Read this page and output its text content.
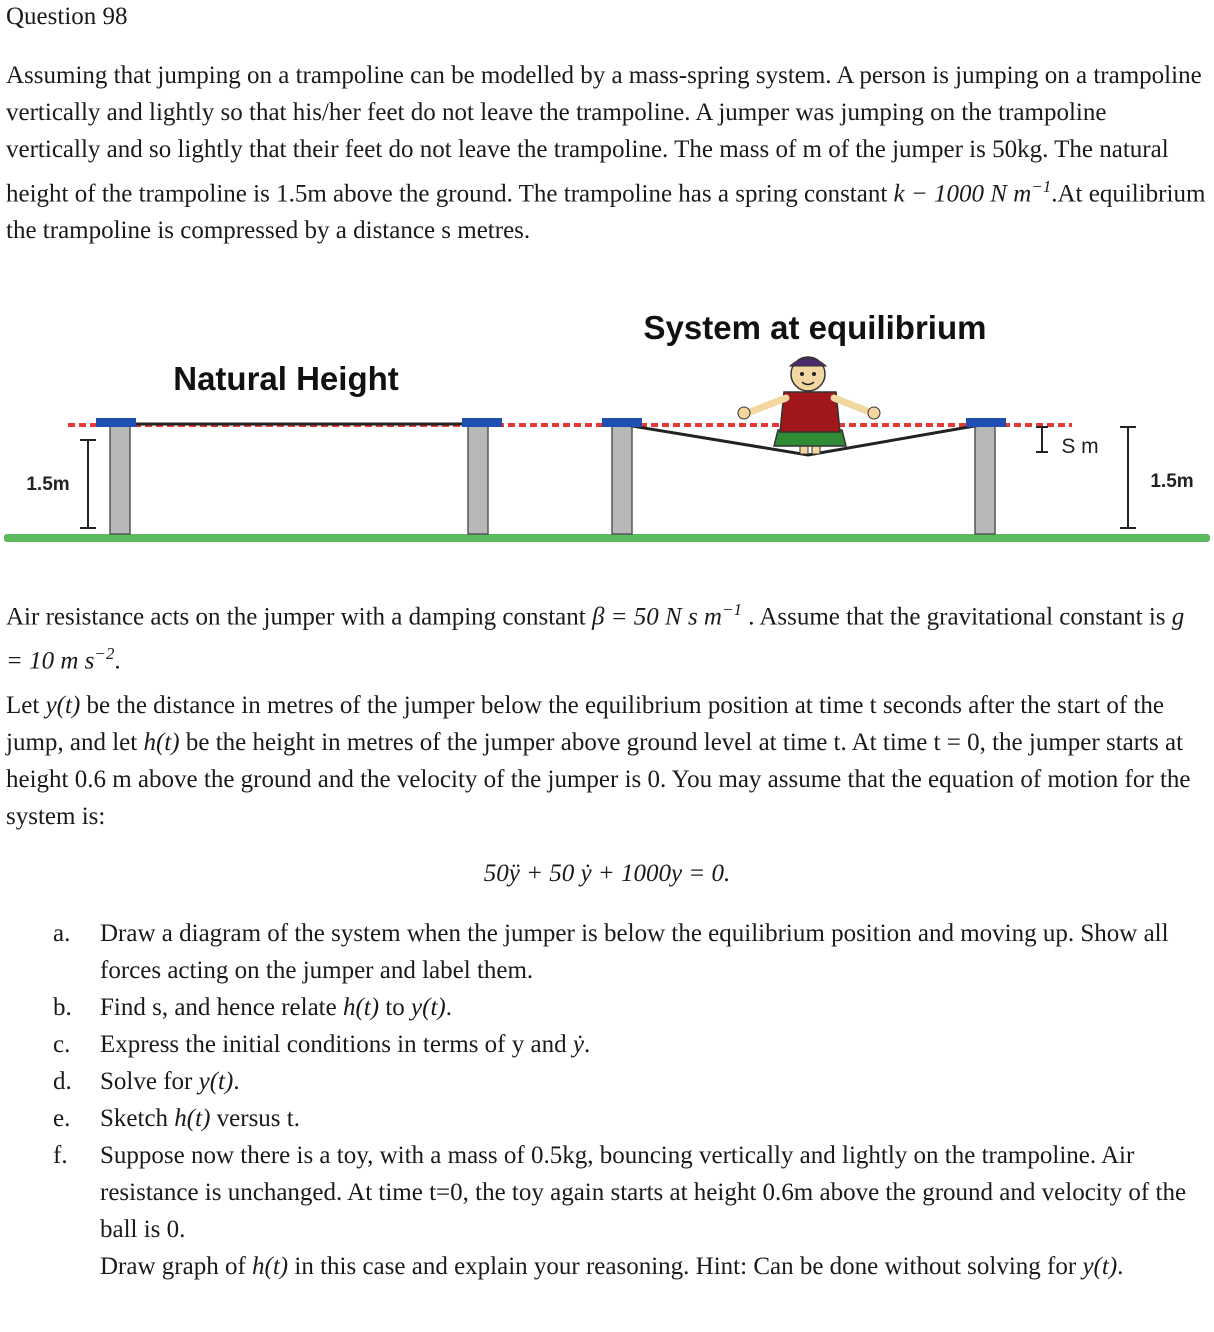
Question 98
Assuming that jumping on a trampoline can be modelled by a mass-spring system. A person is jumping on a trampoline vertically and lightly so that his/her feet do not leave the trampoline. A jumper was jumping on the trampoline vertically and so lightly that their feet do not leave the trampoline. The mass of m of the jumper is 50kg. The natural height of the trampoline is 1.5m above the ground. The trampoline has a spring constant k − 1000 N $m^{-1}.At$ equilibrium the trampoline is compressed by a distance s metres.
Natural Height
System at equilibrium
1.5m
S m
1.5m
Air resistance acts on the jumper with a damping constant β = 50 N s $m^{-1}$ . Assume that the gravitational constant is g = 10 m $s^{-2}$.
Let y(t) be the distance in metres of the jumper below the equilibrium position at time t seconds after the start of the jump, and let h(t) be the height in metres of the jumper above ground level at time t. At time t = 0, the jumper starts at height 0.6 m above the ground and the velocity of the jumper is 0. You may assume that the equation of motion for the system is:
50ÿ + 50 ẏ + 1000y = 0.
a. Draw a diagram of the system when the jumper is below the equilibrium position and moving up. Show all forces acting on the jumper and label them.
b. Find s, and hence relate h(t) to y(t).
c. Express the initial conditions in terms of y and ẏ.
d. Solve for y(t).
e. Sketch h(t) versus t.
f. Suppose now there is a toy, with a mass of 0.5kg, bouncing vertically and lightly on the trampoline. Air resistance is unchanged. At time t=0, the toy again starts at height 0.6m above the ground and velocity of the ball is 0.
Draw graph of h(t) in this case and explain your reasoning. Hint: Can be done without solving for y(t).
